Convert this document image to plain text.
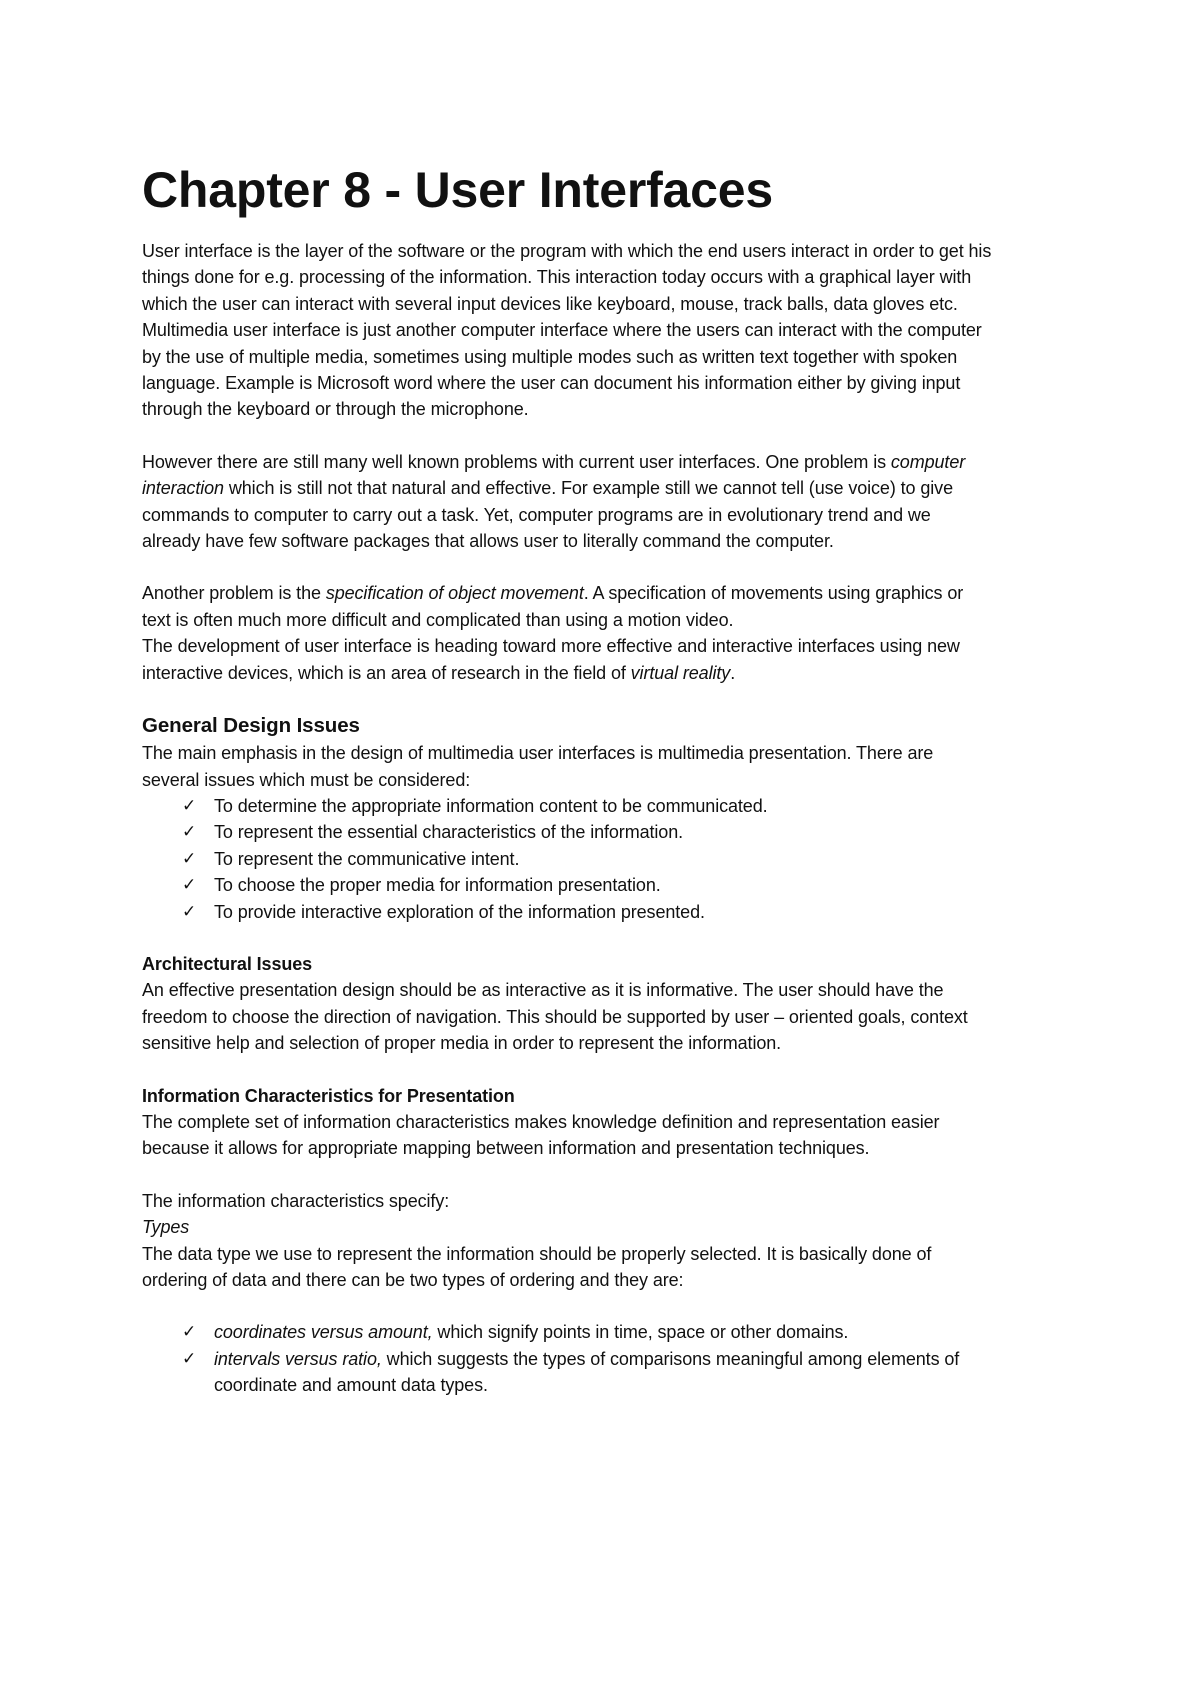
Chapter 8 - User Interfaces

User interface is the layer of the software or the program with which the end users interact in order to get his things done for e.g. processing of the information. This interaction today occurs with a graphical layer with which the user can interact with several input devices like keyboard, mouse, track balls, data gloves etc. Multimedia user interface is just another computer interface where the users can interact with the computer by the use of multiple media, sometimes using multiple modes such as written text together with spoken language. Example is Microsoft word where the user can document his information either by giving input through the keyboard or through the microphone.

However there are still many well known problems with current user interfaces. One problem is computer interaction which is still not that natural and effective. For example still we cannot tell (use voice) to give commands to computer to carry out a task. Yet, computer programs are in evolutionary trend and we already have few software packages that allows user to literally command the computer.

Another problem is the specification of object movement. A specification of movements using graphics or text is often much more difficult and complicated than using a motion video.

The development of user interface is heading toward more effective and interactive interfaces using new interactive devices, which is an area of research in the field of virtual reality.

General Design Issues

The main emphasis in the design of multimedia user interfaces is multimedia presentation. There are several issues which must be considered:

✓ To determine the appropriate information content to be communicated.
✓ To represent the essential characteristics of the information.
✓ To represent the communicative intent.
✓ To choose the proper media for information presentation.
✓ To provide interactive exploration of the information presented.

Architectural Issues

An effective presentation design should be as interactive as it is informative. The user should have the freedom to choose the direction of navigation. This should be supported by user – oriented goals, context sensitive help and selection of proper media in order to represent the information.

Information Characteristics for Presentation

The complete set of information characteristics makes knowledge definition and representation easier because it allows for appropriate mapping between information and presentation techniques.

The information characteristics specify:

Types

The data type we use to represent the information should be properly selected. It is basically done of ordering of data and there can be two types of ordering and they are:

✓ coordinates versus amount, which signify points in time, space or other domains.
✓ intervals versus ratio, which suggests the types of comparisons meaningful among elements of coordinate and amount data types.
